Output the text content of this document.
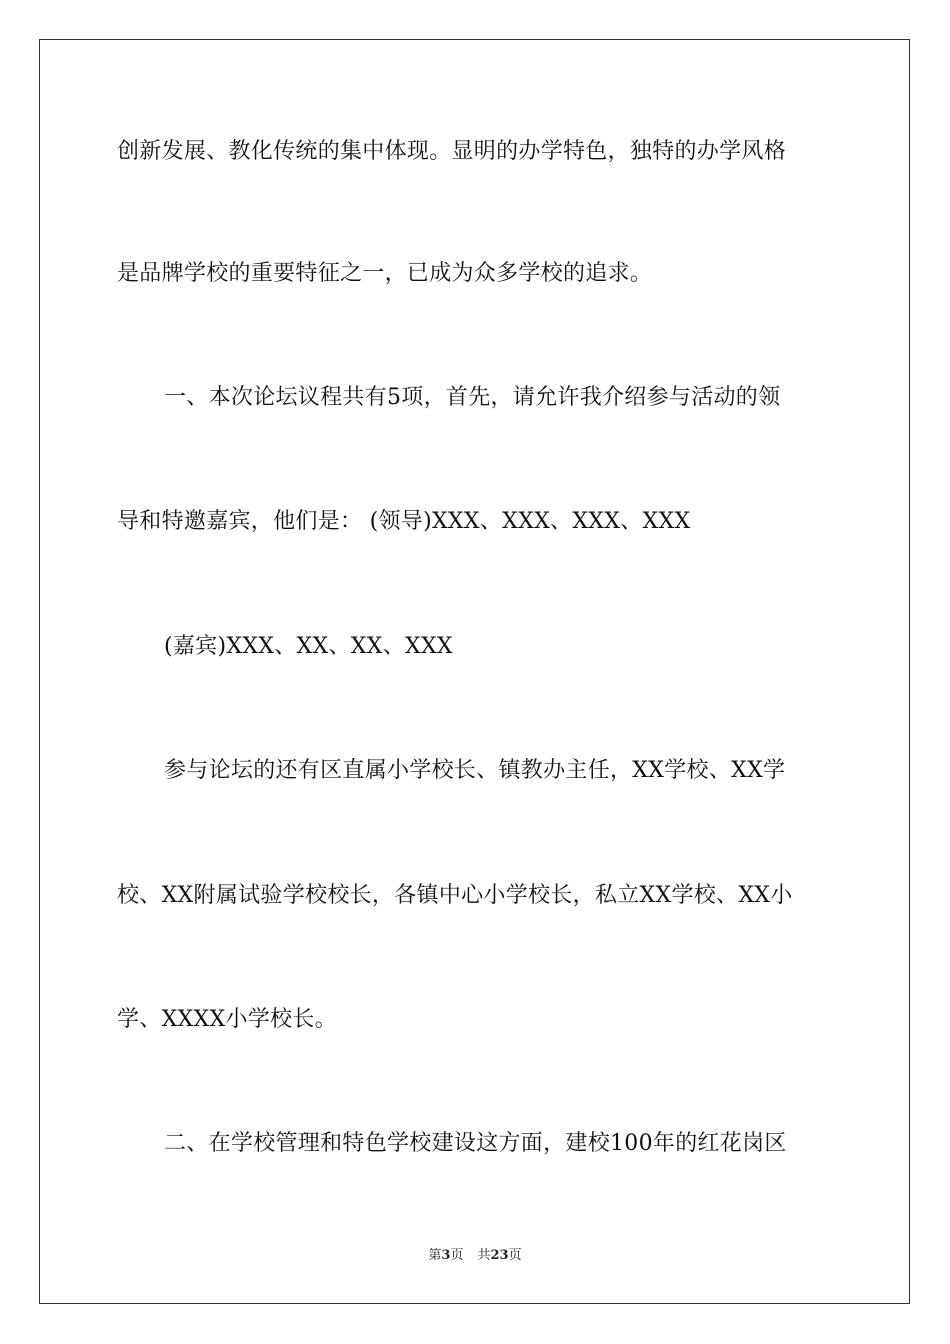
创新发展、教化传统的集中体现。显明的办学特色，独特的办学风格
是品牌学校的重要特征之一，已成为众多学校的追求。
一、本次论坛议程共有5项，首先，请允许我介绍参与活动的领
导和特邀嘉宾，他们是： (领导)XXX、XXX、XXX、XXX
(嘉宾)XXX、XX、XX、XXX
参与论坛的还有区直属小学校长、镇教办主任，XX学校、XX学
校、XX附属试验学校校长，各镇中心小学校长，私立XX学校、XX小
学、XXXX小学校长。
二、在学校管理和特色学校建设这方面，建校100年的红花岗区
第3页 共23页
